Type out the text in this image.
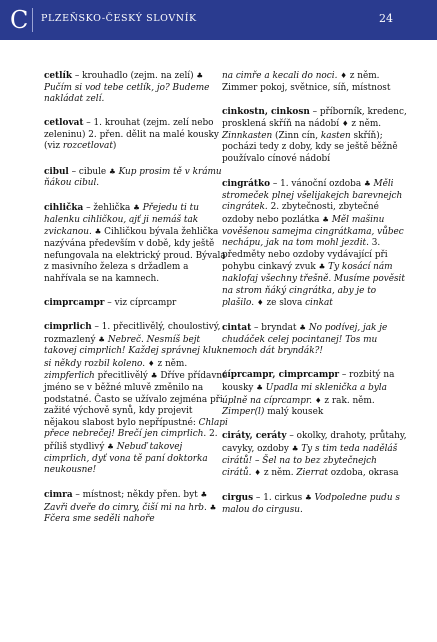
C PLZEŇSKO-ČESKÝ SLOVNÍK	24

cetlík – krouhadlo (zejm. na zelí) ♣ Pučím si vod tebe cetlík, jo? Budeme nakládat zelí.

cetlovat – 1. krouhat (zejm. zelí nebo zeleninu) 2. přen. dělit na malé kousky (viz rozcetlovat)

cibul – cibule ♣ Kup prosim tě v krámu ňákou cibul.

cihlička – žehlička ♣ Přejedu ti tu halenku cihličkou, ajť ji nemáš tak zvickanou. ♣ Cihličkou bývala žehlička nazývána především v době, kdy ještě nefungovala na elektrický proud. Bývala z masivního železa s držadlem a nahřívala se na kamnech.

cimprcampr – viz cíprcampr

cimprlich – 1. přecitlivělý, choulostivý, rozmazlený ♣ Nebreč. Nesmíš bejt takovej cimprlich! Každej správnej kluk si někdy rozbil koleno. ♦ z něm. zimpferlich přecitlivělý ♣ Dříve přídavné jméno se v běžné mluvě změnilo na podstatné. Často se užívalo zejména při zažité výchově synů, kdy projevit nějakou slabost bylo nepřípustné: Chlapi přece nebrečej! Brečí jen cimprlich. 2. příliš stydlivý ♣ Nebuď takovej cimprlich, dyť vona tě paní doktorka neukousne!

cimra – místnost; někdy přen. byt ♣ Zavři dveře do cimry, čiší mi na hrb. ♣ Fčera sme seděli nahoře

na cimře a kecali do noci. ♦ z něm. Zimmer pokoj, světnice, síň, místnost

cinkostn, cinkosn – příborník, kredenc, prosklená skříň na nádobí ♦ z něm. Zinnkasten (Zinn cín, kasten skříň); pocházi tedy z doby, kdy se ještě běžně používalo cínové nádobí

cingrátko – 1. vánoční ozdoba ♣ Měli stromeček plnej všelijakejch barevnejch cingrátek. 2. zbytečnosti, zbytečné ozdoby nebo pozlátka ♣ Měl mašinu vověšenou samejma cingrátkama, vůbec nechápu, jak na tom mohl jezdit. 3. předměty nebo ozdoby vydávající při pohybu cinkavý zvuk ♣ Ty kosácí nám naklofaj všechny třešně. Musíme pověsit na strom ňáký cingrátka, aby je to plašilo. ♦ ze slova cinkat

cintat – bryndat ♣ No podívej, jak je chudáček celej pocintanej! Tos mu nemoch dát bryndák?!

cíprcampr, cimprcampr – rozbitý na kousky ♣ Upadla mi sklenička a byla úplně na cíprcampr. ♦ z rak. něm. Zimper(l) malý kousek

ciráty, ceráty – okolky, drahoty, průtahy, cavyky, ozdoby ♣ Ty s tim teda naděláš cirátů! – Šel na to bez zbytečnejch cirátů. ♦ z něm. Zierrat ozdoba, okrasa

cirgus – 1. cirkus ♣ Vodpoledne pudu s malou do cirgusu.
